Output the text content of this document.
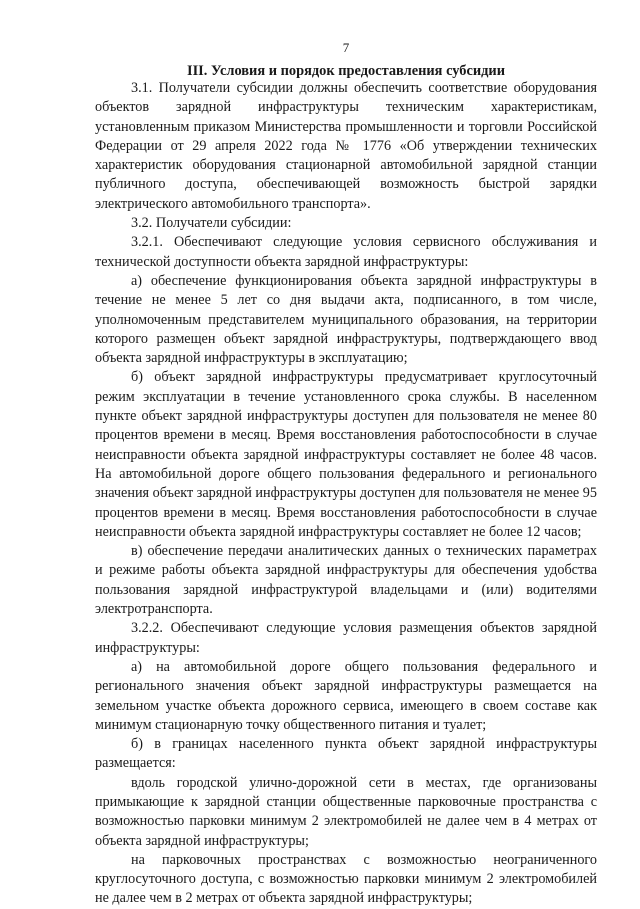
7
III. Условия и порядок предоставления субсидии

3.1. Получатели субсидии должны обеспечить соответствие оборудования объектов зарядной инфраструктуры техническим характеристикам, установленным приказом Министерства промышленности и торговли Российской Федерации от 29 апреля 2022 года № 1776 «Об утверждении технических характеристик оборудования стационарной автомобильной зарядной станции публичного доступа, обеспечивающей возможность быстрой зарядки электрического автомобильного транспорта».

3.2. Получатели субсидии:

3.2.1. Обеспечивают следующие условия сервисного обслуживания и технической доступности объекта зарядной инфраструктуры:

а) обеспечение функционирования объекта зарядной инфраструктуры в течение не менее 5 лет со дня выдачи акта, подписанного, в том числе, уполномоченным представителем муниципального образования, на территории которого размещен объект зарядной инфраструктуры, подтверждающего ввод объекта зарядной инфраструктуры в эксплуатацию;

б) объект зарядной инфраструктуры предусматривает круглосуточный режим эксплуатации в течение установленного срока службы. В населенном пункте объект зарядной инфраструктуры доступен для пользователя не менее 80 процентов времени в месяц. Время восстановления работоспособности в случае неисправности объекта зарядной инфраструктуры составляет не более 48 часов. На автомобильной дороге общего пользования федерального и регионального значения объект зарядной инфраструктуры доступен для пользователя не менее 95 процентов времени в месяц. Время восстановления работоспособности в случае неисправности объекта зарядной инфраструктуры составляет не более 12 часов;

в) обеспечение передачи аналитических данных о технических параметрах и режиме работы объекта зарядной инфраструктуры для обеспечения удобства пользования зарядной инфраструктурой владельцами и (или) водителями электротранспорта.

3.2.2. Обеспечивают следующие условия размещения объектов зарядной инфраструктуры:

а) на автомобильной дороге общего пользования федерального и регионального значения объект зарядной инфраструктуры размещается на земельном участке объекта дорожного сервиса, имеющего в своем составе как минимум стационарную точку общественного питания и туалет;

б) в границах населенного пункта объект зарядной инфраструктуры размещается:

вдоль городской улично-дорожной сети в местах, где организованы примыкающие к зарядной станции общественные парковочные пространства с возможностью парковки минимум 2 электромобилей не далее чем в 4 метрах от объекта зарядной инфраструктуры;

на парковочных пространствах с возможностью неограниченного круглосуточного доступа, с возможностью парковки минимум 2 электромобилей не далее чем в 2 метрах от объекта зарядной инфраструктуры;
